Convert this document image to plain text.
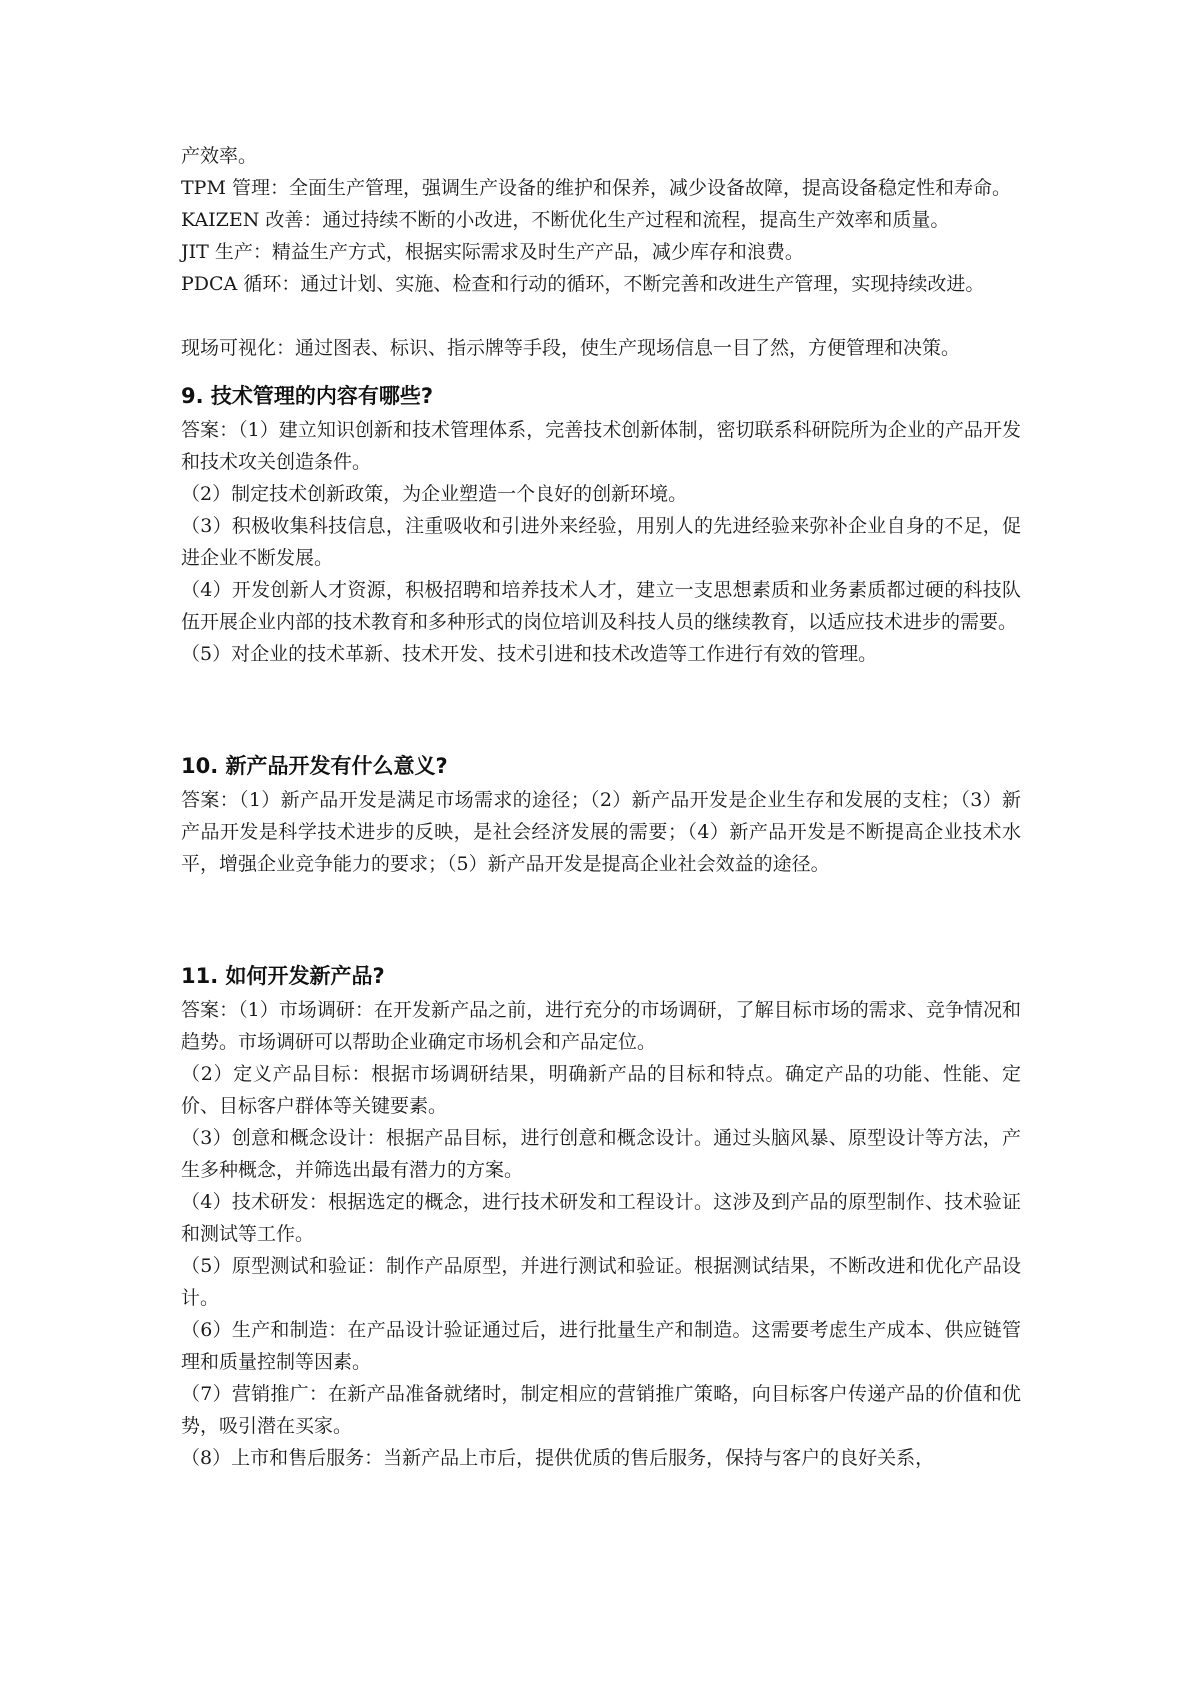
产效率。

TPM 管理：全面生产管理，强调生产设备的维护和保养，减少设备故障，提高设备稳定性和寿命。

KAIZEN 改善：通过持续不断的小改进，不断优化生产过程和流程，提高生产效率和质量。

JIT 生产：精益生产方式，根据实际需求及时生产产品，减少库存和浪费。

PDCA 循环：通过计划、实施、检查和行动的循环，不断完善和改进生产管理，实现持续改进。

现场可视化：通过图表、标识、指示牌等手段，使生产现场信息一目了然，方便管理和决策。

9. 技术管理的内容有哪些?

答案：（1）建立知识创新和技术管理体系，完善技术创新体制，密切联系科研院所为企业的产品开发和技术攻关创造条件。

（2）制定技术创新政策，为企业塑造一个良好的创新环境。

（3）积极收集科技信息，注重吸收和引进外来经验，用别人的先进经验来弥补企业自身的不足，促进企业不断发展。

（4）开发创新人才资源，积极招聘和培养技术人才，建立一支思想素质和业务素质都过硬的科技队伍开展企业内部的技术教育和多种形式的岗位培训及科技人员的继续教育，以适应技术进步的需要。

（5）对企业的技术革新、技术开发、技术引进和技术改造等工作进行有效的管理。

10. 新产品开发有什么意义?

答案：（1）新产品开发是满足市场需求的途径；（2）新产品开发是企业生存和发展的支柱；（3）新产品开发是科学技术进步的反映，是社会经济发展的需要；（4）新产品开发是不断提高企业技术水平，增强企业竞争能力的要求；（5）新产品开发是提高企业社会效益的途径。

11. 如何开发新产品?

答案：（1）市场调研：在开发新产品之前，进行充分的市场调研，了解目标市场的需求、竞争情况和趋势。市场调研可以帮助企业确定市场机会和产品定位。

（2）定义产品目标：根据市场调研结果，明确新产品的目标和特点。确定产品的功能、性能、定价、目标客户群体等关键要素。

（3）创意和概念设计：根据产品目标，进行创意和概念设计。通过头脑风暴、原型设计等方法，产生多种概念，并筛选出最有潜力的方案。

（4）技术研发：根据选定的概念，进行技术研发和工程设计。这涉及到产品的原型制作、技术验证和测试等工作。

（5）原型测试和验证：制作产品原型，并进行测试和验证。根据测试结果，不断改进和优化产品设计。

（6）生产和制造：在产品设计验证通过后，进行批量生产和制造。这需要考虑生产成本、供应链管理和质量控制等因素。

（7）营销推广：在新产品准备就绪时，制定相应的营销推广策略，向目标客户传递产品的价值和优势，吸引潜在买家。

（8）上市和售后服务：当新产品上市后，提供优质的售后服务，保持与客户的良好关系，
